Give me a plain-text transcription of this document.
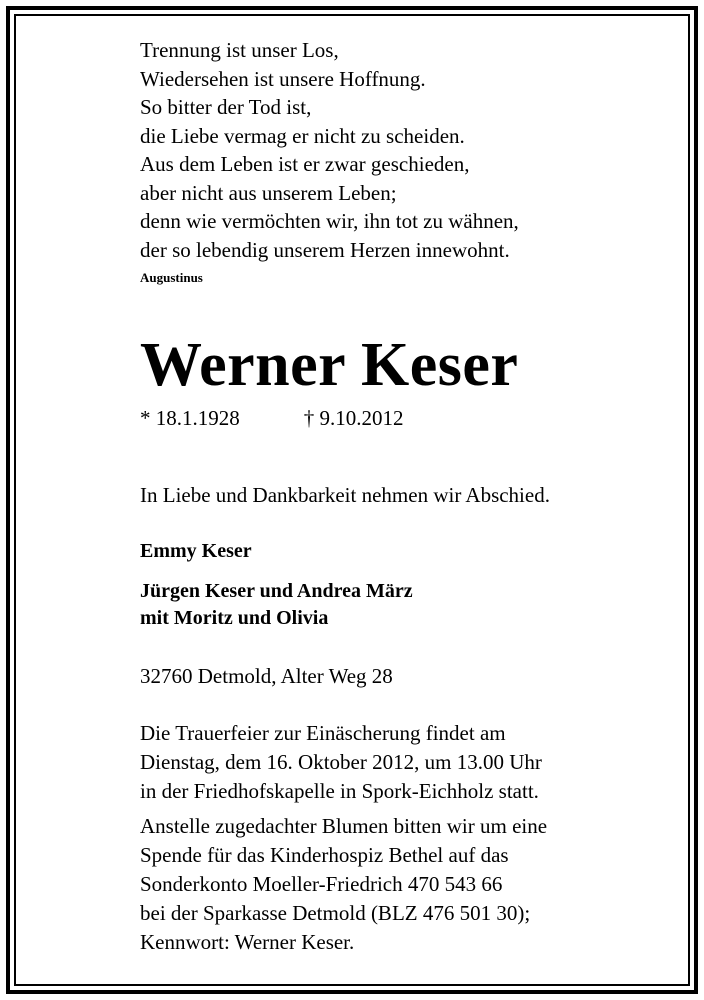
Trennung ist unser Los,
Wiedersehen ist unsere Hoffnung.
So bitter der Tod ist,
die Liebe vermag er nicht zu scheiden.
Aus dem Leben ist er zwar geschieden,
aber nicht aus unserem Leben;
denn wie vermöchten wir, ihn tot zu wähnen,
der so lebendig unserem Herzen innewohnt.
Augustinus
Werner Keser
* 18.1.1928	† 9.10.2012
In Liebe und Dankbarkeit nehmen wir Abschied.
Emmy Keser
Jürgen Keser und Andrea März
mit Moritz und Olivia
32760 Detmold, Alter Weg 28
Die Trauerfeier zur Einäscherung findet am
Dienstag, dem 16. Oktober 2012, um 13.00 Uhr
in der Friedhofskapelle in Spork-Eichholz statt.
Anstelle zugedachter Blumen bitten wir um eine
Spende für das Kinderhospiz Bethel auf das
Sonderkonto Moeller-Friedrich 470 543 66
bei der Sparkasse Detmold (BLZ 476 501 30);
Kennwort: Werner Keser.
